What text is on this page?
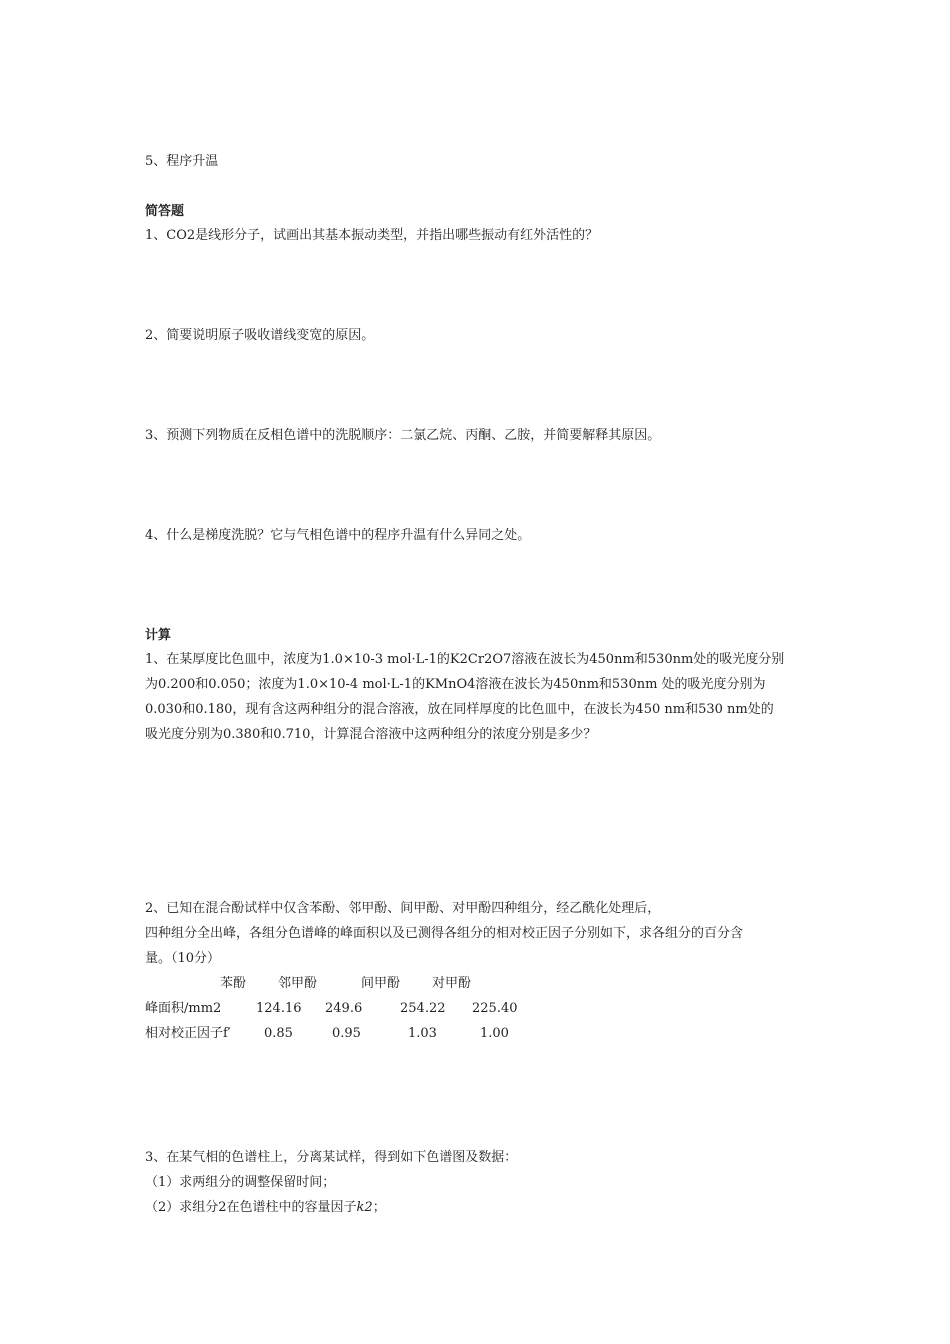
5、程序升温
简答题
1、CO2是线形分子，试画出其基本振动类型，并指出哪些振动有红外活性的？
2、简要说明原子吸收谱线变宽的原因。
3、预测下列物质在反相色谱中的洗脱顺序：二氯乙烷、丙酮、乙胺，并简要解释其原因。
4、什么是梯度洗脱？它与气相色谱中的程序升温有什么异同之处。
计算
1、在某厚度比色皿中，浓度为1.0×10-3 mol·L-1的K2Cr2O7溶液在波长为450nm和530nm处的吸光度分别
为0.200和0.050；浓度为1.0×10-4 mol·L-1的KMnO4溶液在波长为450nm和530nm 处的吸光度分别为
0.030和0.180，现有含这两种组分的混合溶液，放在同样厚度的比色皿中，在波长为450 nm和530 nm处的
吸光度分别为0.380和0.710，计算混合溶液中这两种组分的浓度分别是多少？
2、已知在混合酚试样中仅含苯酚、邻甲酚、间甲酚、对甲酚四种组分，经乙酰化处理后，
四种组分全出峰，各组分色谱峰的峰面积以及已测得各组分的相对校正因子分别如下，求各组分的百分含
量。（10分）
苯酚 邻甲酚	间甲酚 对甲酚
峰面积/mm2	124.16 249.6	254.22 225.40
相对校正因子f′	0.85	0.95	1.03	1.00
3、在某气相的色谱柱上，分离某试样，得到如下色谱图及数据：
（1）求两组分的调整保留时间；
（2）求组分2在色谱柱中的容量因子k2；
